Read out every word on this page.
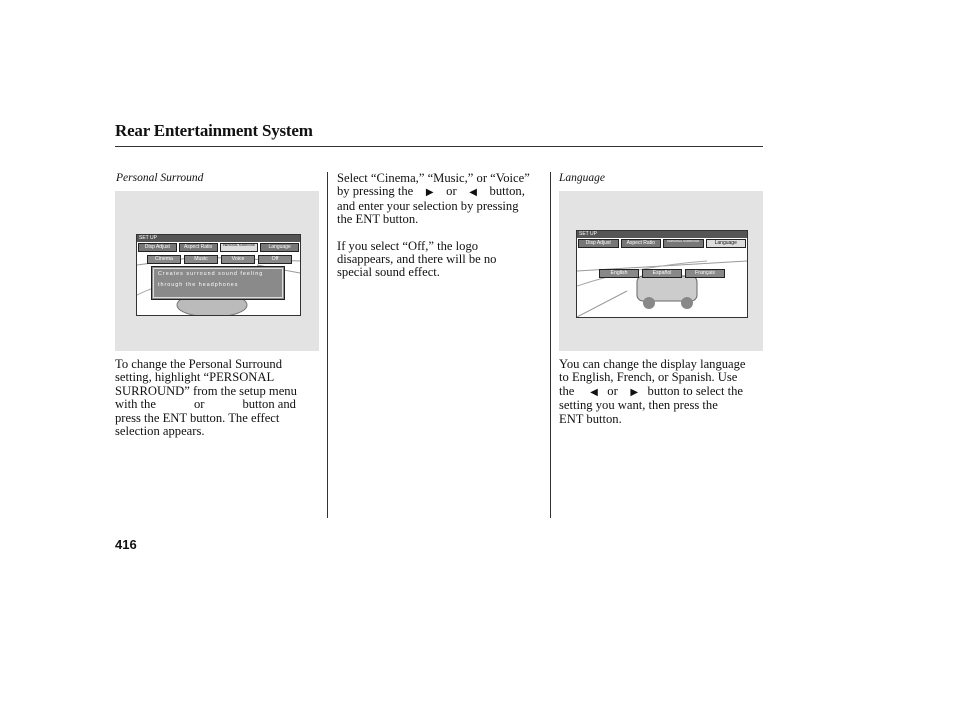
Rear Entertainment System
Personal Surround
SET UP
Disp Adjust	Aspect Ratio	PERSONAL SURROUND	Language
Cinema	Music	Voice	Off
Creates surround sound feeling
through the headphones

To change the Personal Surround

setting, highlight “PERSONAL

SURROUND” from the setup menu

with the	or	button and

press the ENT button. The effect

selection appears.

Select “Cinema,” “Music,” or “Voice”

by pressing the ▶ or ◀ button,

and enter your selection by pressing

the ENT button.

If you select “Off,” the logo

disappears, and there will be no

special sound effect.

Language
SET UP
Disp Adjust	Aspect Ratio	PERSONAL SURROUND	Language
English	Español	Français

You can change the display language

to English, French, or Spanish. Use

the ◀ or ▶ button to select the

setting you want, then press the

ENT button.

416
